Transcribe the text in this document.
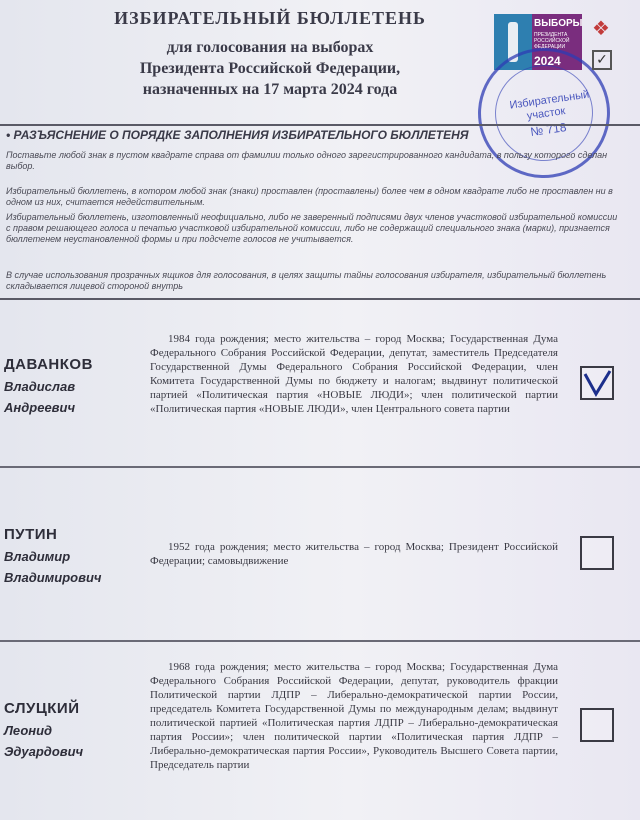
ИЗБИРАТЕЛЬНЫЙ БЮЛЛЕТЕНЬ
для голосования на выборах
Президента Российской Федерации,
назначенных на 17 марта 2024 года
ВЫБОРЫ
ПРЕЗИДЕНТА РОССИЙСКОЙ ФЕДЕРАЦИИ
2024
❖
Избирательный участок
№ 718
✓
• РАЗЪЯСНЕНИЕ О ПОРЯДКЕ ЗАПОЛНЕНИЯ ИЗБИРАТЕЛЬНОГО БЮЛЛЕТЕНЯ
Поставьте любой знак в пустом квадрате справа от фамилии только одного зарегистрированного кандидата, в пользу которого сделан выбор.
Избирательный бюллетень, в котором любой знак (знаки) проставлен (проставлены) более чем в одном квадрате либо не проставлен ни в одном из них, считается недействительным.
Избирательный бюллетень, изготовленный неофициально, либо не заверенный подписями двух членов участковой избирательной комиссии с правом решающего голоса и печатью участковой избирательной комиссии, либо не содержащий специального знака (марки), признается бюллетенем неустановленной формы и при подсчете голосов не учитывается.
В случае использования прозрачных ящиков для голосования, в целях защиты тайны голосования избирателя, избирательный бюллетень складывается лицевой стороной внутрь
ДАВАНКОВ
Владислав
Андреевич
1984 года рождения; место жительства – город Москва; Государственная Дума Федерального Собрания Российской Федерации, депутат, заместитель Председателя Государственной Думы Федерального Собрания Российской Федерации, член Комитета Государственной Думы по бюджету и налогам; выдвинут политической партией «Политическая партия «НОВЫЕ ЛЮДИ»; член политической партии «Политическая партия «НОВЫЕ ЛЮДИ», член Центрального совета партии
ПУТИН
Владимир
Владимирович
1952 года рождения; место жительства – город Москва; Президент Российской Федерации; самовыдвижение
СЛУЦКИЙ
Леонид
Эдуардович
1968 года рождения; место жительства – город Москва; Государственная Дума Федерального Собрания Российской Федерации, депутат, руководитель фракции Политической партии ЛДПР – Либерально-демократической партии России, председатель Комитета Государственной Думы по международным делам; выдвинут политической партией «Политическая партия ЛДПР – Либерально-демократическая партия России»; член политической партии «Политическая партия ЛДПР – Либерально-демократическая партия России», Руководитель Высшего Совета партии, Председатель партии
